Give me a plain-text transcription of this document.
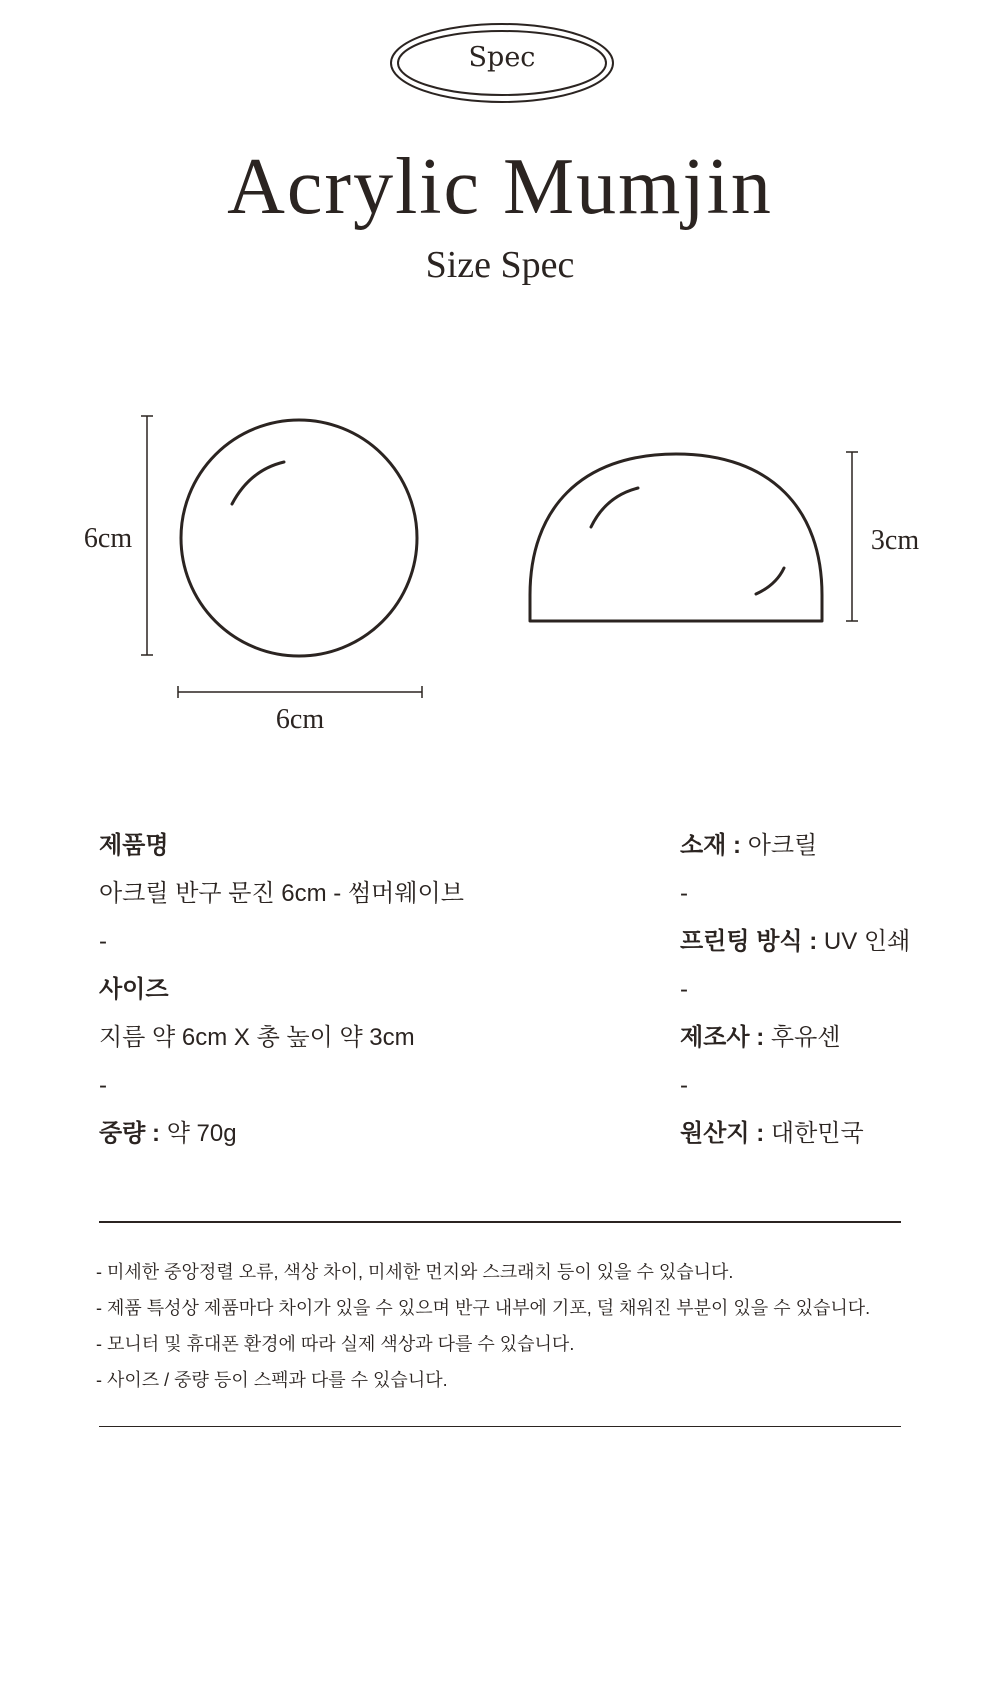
Spec
Acrylic Mumjin
Size Spec
6cm
6cm
3cm
제품명
아크릴 반구 문진 6cm - 썸머웨이브
-
사이즈
지름 약 6cm X 총 높이 약 3cm
-
중량 : 약 70g
소재 : 아크릴
-
프린팅 방식 : UV 인쇄
-
제조사 : 후유센
-
원산지 : 대한민국
- 미세한 중앙정렬 오류, 색상 차이, 미세한 먼지와 스크래치 등이 있을 수 있습니다.
- 제품 특성상 제품마다 차이가 있을 수 있으며 반구 내부에 기포, 덜 채워진 부분이 있을 수 있습니다.
- 모니터 및 휴대폰 환경에 따라 실제 색상과 다를 수 있습니다.
- 사이즈 / 중량 등이 스펙과 다를 수 있습니다.
